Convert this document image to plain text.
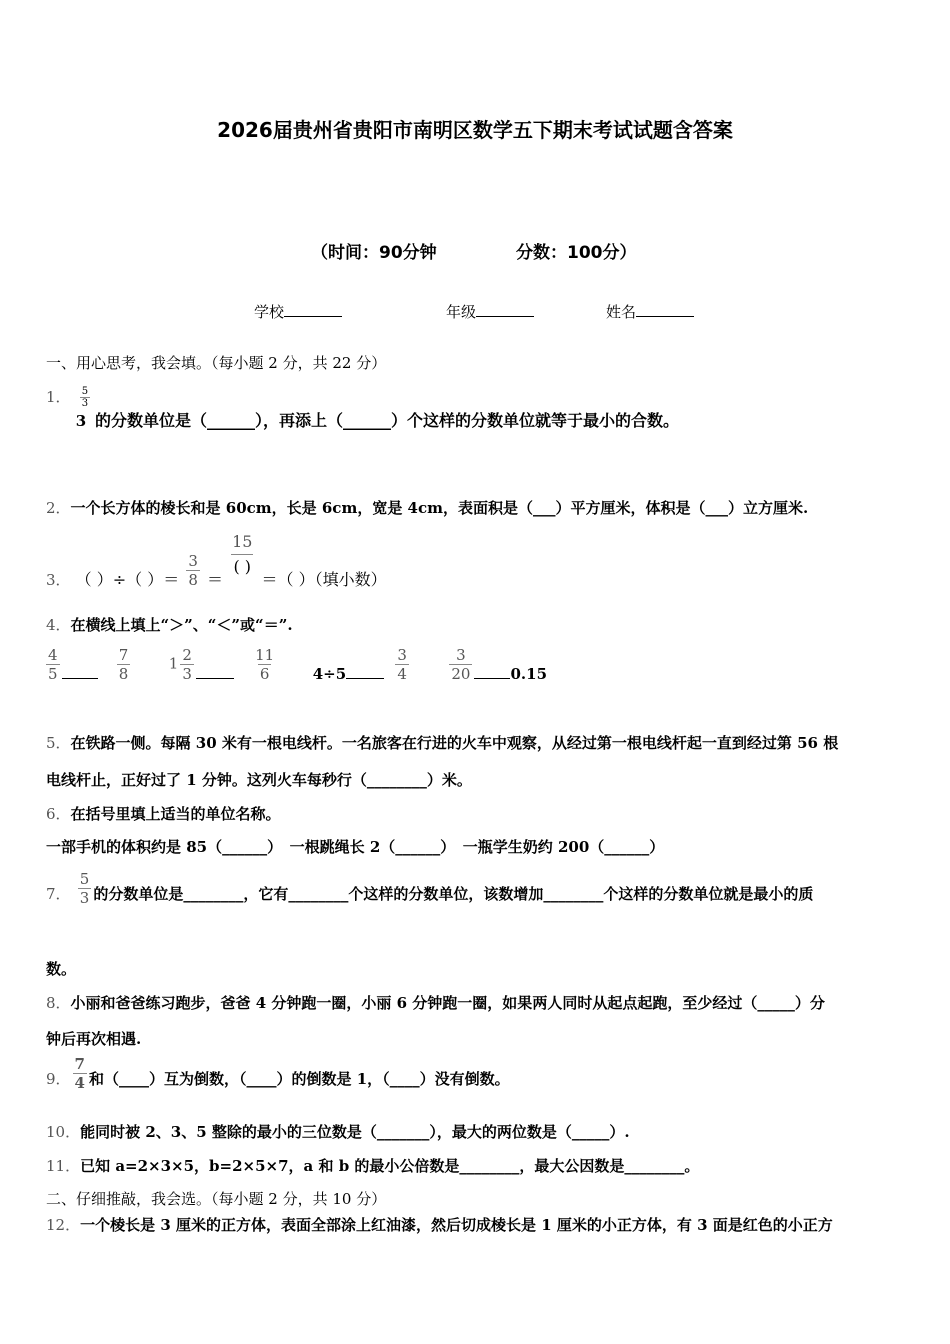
2026届贵州省贵阳市南明区数学五下期末考试试题含答案
（时间：90分钟	分数：100分）
学校	年级	姓名
一、用心思考，我会填。（每小题 2 分，共 22 分）
1． $\frac{5}{3}$
3 的分数单位是（______），再添上（______）个这样的分数单位就等于最小的合数。
2．一个长方体的棱长和是 60cm，长是 6cm，宽是 4cm，表面积是（___）平方厘米，体积是（___）立方厘米.
3． （ ）÷（ ）＝ $\frac{3}{8}$ ＝
$\frac{15}{( )}$
＝（ ）（填小数）
4．在横线上填上“＞”、“＜”或“＝”.
$\frac{4}{5}$
	$\frac{7}{8}$	$1 \frac{2}{3}$
	$\frac{11}{6} 4\div 5$	$\frac{3}{4}$
	$\frac{3}{20}$	0.15
5．在铁路一侧。每隔 30 米有一根电线杆。一名旅客在行进的火车中观察，从经过第一根电线杆起一直到经过第 56 根
电线杆止，正好过了 1 分钟。这列火车每秒行（________）米。
6．在括号里填上适当的单位名称。
一部手机的体积约是 85（______）　一根跳绳长 2（______）　一瓶学生奶约 200（______）
7． $\frac{5}{3}$ 的分数单位是________，它有________个这样的分数单位，该数增加________个这样的分数单位就是最小的质
数。
8．小丽和爸爸练习跑步，爸爸 4 分钟跑一圈，小丽 6 分钟跑一圈，如果两人同时从起点起跑，至少经过（_____）分
钟后再次相遇.
9． $\frac{7}{4}$ 和（____）互为倒数，（____）的倒数是 1，（____）没有倒数。
10．能同时被 2、3、5 整除的最小的三位数是（_______），最大的两位数是（_____）.
11．已知 a=2×3×5，b=2×5×7，a 和 b 的最小公倍数是________，最大公因数是________。
二、仔细推敲，我会选。（每小题 2 分，共 10 分）
12．一个棱长是 3 厘米的正方体，表面全部涂上红油漆，然后切成棱长是 1 厘米的小正方体，有 3 面是红色的小正方
